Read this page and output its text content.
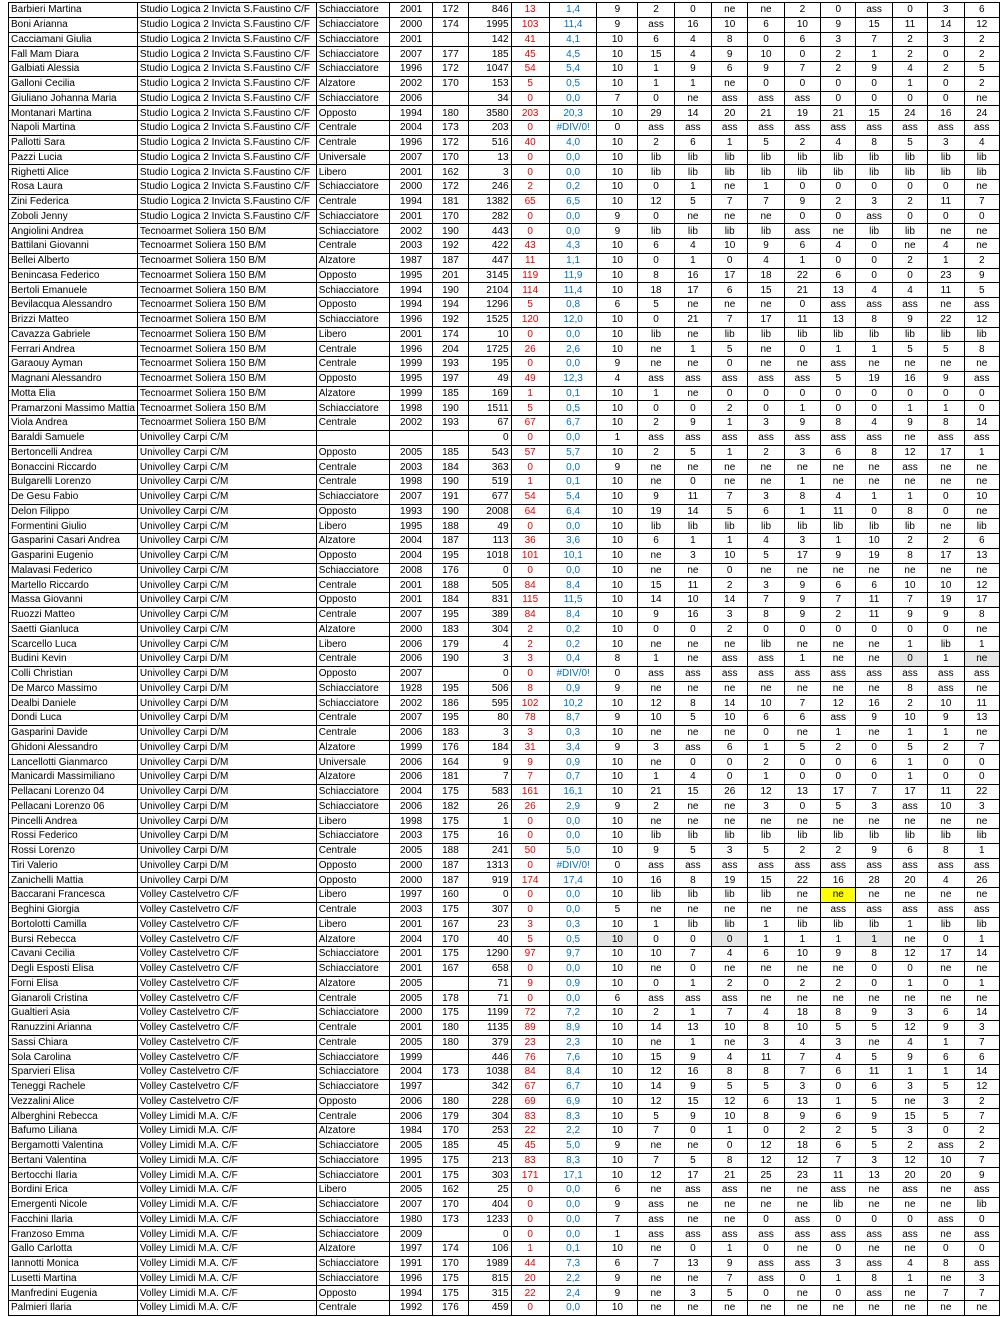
Barbieri Martina	Studio Logica 2 Invicta S.Faustino C/F	Schiacciatore	2001	172	846	13	1,4	9	2	0	ne	ne	2	0	ass	0	3	6
Boni Arianna	Studio Logica 2 Invicta S.Faustino C/F	Schiacciatore	2000	174	1995	103	11,4	9	ass	16	10	6	10	9	15	11	14	12
Cacciamani Giulia	Studio Logica 2 Invicta S.Faustino C/F	Schiacciatore	2001		142	41	4,1	10	6	4	8	0	6	3	7	2	3	2
Fall Mam Diara	Studio Logica 2 Invicta S.Faustino C/F	Schiacciatore	2007	177	185	45	4,5	10	15	4	9	10	0	2	1	2	0	2
Galbiati Alessia	Studio Logica 2 Invicta S.Faustino C/F	Schiacciatore	1996	172	1047	54	5,4	10	1	9	6	9	7	2	9	4	2	5
Galloni Cecilia	Studio Logica 2 Invicta S.Faustino C/F	Alzatore	2002	170	153	5	0,5	10	1	1	ne	0	0	0	0	1	0	2
Giuliano Johanna Maria	Studio Logica 2 Invicta S.Faustino C/F	Schiacciatore	2006		34	0	0,0	7	0	ne	ass	ass	ass	0	0	0	0	ne
Montanari Martina	Studio Logica 2 Invicta S.Faustino C/F	Opposto	1994	180	3580	203	20,3	10	29	14	20	21	19	21	15	24	16	24
Napoli Martina	Studio Logica 2 Invicta S.Faustino C/F	Centrale	2004	173	203	0	#DIV/0!	0	ass	ass	ass	ass	ass	ass	ass	ass	ass	ass
Pallotti Sara	Studio Logica 2 Invicta S.Faustino C/F	Centrale	1996	172	516	40	4,0	10	2	6	1	5	2	4	8	5	3	4
Pazzi Lucia	Studio Logica 2 Invicta S.Faustino C/F	Universale	2007	170	13	0	0,0	10	lib	lib	lib	lib	lib	lib	lib	lib	lib	lib
Righetti Alice	Studio Logica 2 Invicta S.Faustino C/F	Libero	2001	162	3	0	0,0	10	lib	lib	lib	lib	lib	lib	lib	lib	lib	lib
Rosa Laura	Studio Logica 2 Invicta S.Faustino C/F	Schiacciatore	2000	172	246	2	0,2	10	0	1	ne	1	0	0	0	0	0	ne
Zini Federica	Studio Logica 2 Invicta S.Faustino C/F	Centrale	1994	181	1382	65	6,5	10	12	5	7	7	9	2	3	2	11	7
Zoboli Jenny	Studio Logica 2 Invicta S.Faustino C/F	Schiacciatore	2001	170	282	0	0,0	9	0	ne	ne	ne	0	0	ass	0	0	0
Angiolini Andrea	Tecnoarmet Soliera 150 B/M	Schiacciatore	2002	190	443	0	0,0	9	lib	lib	lib	lib	ass	ne	lib	lib	ne	ne
Battilani Giovanni	Tecnoarmet Soliera 150 B/M	Centrale	2003	192	422	43	4,3	10	6	4	10	9	6	4	0	ne	4	ne
Bellei Alberto	Tecnoarmet Soliera 150 B/M	Alzatore	1987	187	447	11	1,1	10	0	1	0	4	1	0	0	2	1	2
Benincasa Federico	Tecnoarmet Soliera 150 B/M	Opposto	1995	201	3145	119	11,9	10	8	16	17	18	22	6	0	0	23	9
Bertoli Emanuele	Tecnoarmet Soliera 150 B/M	Schiacciatore	1994	190	2104	114	11,4	10	18	17	6	15	21	13	4	4	11	5
Bevilacqua Alessandro	Tecnoarmet Soliera 150 B/M	Opposto	1994	194	1296	5	0,8	6	5	ne	ne	ne	0	ass	ass	ass	ne	ass
Brizzi Matteo	Tecnoarmet Soliera 150 B/M	Schiacciatore	1996	192	1525	120	12,0	10	0	21	7	17	11	13	8	9	22	12
Cavazza Gabriele	Tecnoarmet Soliera 150 B/M	Libero	2001	174	10	0	0,0	10	lib	ne	lib	lib	lib	lib	lib	lib	lib	lib
Ferrari Andrea	Tecnoarmet Soliera 150 B/M	Centrale	1996	204	1725	26	2,6	10	ne	1	5	ne	0	1	1	5	5	8
Garaouy Ayman	Tecnoarmet Soliera 150 B/M	Centrale	1999	193	195	0	0,0	9	ne	ne	0	ne	ne	ass	ne	ne	ne	ne
Magnani Alessandro	Tecnoarmet Soliera 150 B/M	Opposto	1995	197	49	49	12,3	4	ass	ass	ass	ass	ass	5	19	16	9	ass
Motta Elia	Tecnoarmet Soliera 150 B/M	Alzatore	1999	185	169	1	0,1	10	1	ne	0	0	0	0	0	0	0	0
Pramarzoni Massimo Mattia	Tecnoarmet Soliera 150 B/M	Schiacciatore	1998	190	1511	5	0,5	10	0	0	2	0	1	0	0	1	1	0
Viola Andrea	Tecnoarmet Soliera 150 B/M	Centrale	2002	193	67	67	6,7	10	2	9	1	3	9	8	4	9	8	14
Baraldi Samuele	Univolley Carpi C/M				0	0	0,0	1	ass	ass	ass	ass	ass	ass	ass	ne	ass	ass
Bertoncelli Andrea	Univolley Carpi C/M	Opposto	2005	185	543	57	5,7	10	2	5	1	2	3	6	8	12	17	1
Bonaccini Riccardo	Univolley Carpi C/M	Centrale	2003	184	363	0	0,0	9	ne	ne	ne	ne	ne	ne	ne	ass	ne	ne
Bulgarelli Lorenzo	Univolley Carpi C/M	Centrale	1998	190	519	1	0,1	10	ne	0	ne	ne	1	ne	ne	ne	ne	ne
De Gesu Fabio	Univolley Carpi C/M	Schiacciatore	2007	191	677	54	5,4	10	9	11	7	3	8	4	1	1	0	10
Delon Filippo	Univolley Carpi C/M	Opposto	1993	190	2008	64	6,4	10	19	14	5	6	1	11	0	8	0	ne
Formentini Giulio	Univolley Carpi C/M	Libero	1995	188	49	0	0,0	10	lib	lib	lib	lib	lib	lib	lib	lib	ne	lib
Gasparini Casari Andrea	Univolley Carpi C/M	Alzatore	2004	187	113	36	3,6	10	6	1	1	4	3	1	10	2	2	6
Gasparini Eugenio	Univolley Carpi C/M	Opposto	2004	195	1018	101	10,1	10	ne	3	10	5	17	9	19	8	17	13
Malavasi Federico	Univolley Carpi C/M	Schiacciatore	2008	176	0	0	0,0	10	ne	ne	0	ne	ne	ne	ne	ne	ne	ne
Martello Riccardo	Univolley Carpi C/M	Centrale	2001	188	505	84	8,4	10	15	11	2	3	9	6	6	10	10	12
Massa Giovanni	Univolley Carpi C/M	Opposto	2001	184	831	115	11,5	10	14	10	14	7	9	7	11	7	19	17
Ruozzi Matteo	Univolley Carpi C/M	Centrale	2007	195	389	84	8,4	10	9	16	3	8	9	2	11	9	9	8
Saetti Gianluca	Univolley Carpi C/M	Alzatore	2000	183	304	2	0,2	10	0	0	2	0	0	0	0	0	0	ne
Scarcello Luca	Univolley Carpi C/M	Libero	2006	179	4	2	0,2	10	ne	ne	ne	lib	ne	ne	ne	1	lib	1
Budini Kevin	Univolley Carpi D/M	Centrale	2006	190	3	3	0,4	8	1	ne	ass	ass	1	ne	ne	0	1	ne
Colli Christian	Univolley Carpi D/M	Opposto	2007		0	0	#DIV/0!	0	ass	ass	ass	ass	ass	ass	ass	ass	ass	ass
De Marco Massimo	Univolley Carpi D/M	Schiacciatore	1928	195	506	8	0,9	9	ne	ne	ne	ne	ne	ne	ne	8	ass	ne
Dealbi Daniele	Univolley Carpi D/M	Schiacciatore	2002	186	595	102	10,2	10	12	8	14	10	7	12	16	2	10	11
Dondi Luca	Univolley Carpi D/M	Centrale	2007	195	80	78	8,7	9	10	5	10	6	6	ass	9	10	9	13
Gasparini Davide	Univolley Carpi D/M	Centrale	2006	183	3	3	0,3	10	ne	ne	ne	0	ne	1	ne	1	1	ne
Ghidoni Alessandro	Univolley Carpi D/M	Alzatore	1999	176	184	31	3,4	9	3	ass	6	1	5	2	0	5	2	7
Lancellotti Gianmarco	Univolley Carpi D/M	Universale	2006	164	9	9	0,9	10	ne	0	0	2	0	0	6	1	0	0
Manicardi Massimiliano	Univolley Carpi D/M	Alzatore	2006	181	7	7	0,7	10	1	4	0	1	0	0	0	1	0	0
Pellacani Lorenzo 04	Univolley Carpi D/M	Schiacciatore	2004	175	583	161	16,1	10	21	15	26	12	13	17	7	17	11	22
Pellacani Lorenzo 06	Univolley Carpi D/M	Schiacciatore	2006	182	26	26	2,9	9	2	ne	ne	3	0	5	3	ass	10	3
Pincelli Andrea	Univolley Carpi D/M	Libero	1998	175	1	0	0,0	10	ne	ne	ne	ne	ne	ne	ne	ne	ne	ne
Rossi Federico	Univolley Carpi D/M	Schiacciatore	2003	175	16	0	0,0	10	lib	lib	lib	lib	lib	lib	lib	lib	lib	lib
Rossi Lorenzo	Univolley Carpi D/M	Centrale	2005	188	241	50	5,0	10	9	5	3	5	2	2	9	6	8	1
Tiri Valerio	Univolley Carpi D/M	Opposto	2000	187	1313	0	#DIV/0!	0	ass	ass	ass	ass	ass	ass	ass	ass	ass	ass
Zanichelli Mattia	Univolley Carpi D/M	Opposto	2000	187	919	174	17,4	10	16	8	19	15	22	16	28	20	4	26
Baccarani Francesca	Volley Castelvetro C/F	Libero	1997	160	0	0	0,0	10	lib	lib	lib	lib	ne	ne	ne	ne	ne	ne
Beghini Giorgia	Volley Castelvetro C/F	Centrale	2003	175	307	0	0,0	5	ne	ne	ne	ne	ne	ass	ass	ass	ass	ass
Bortolotti Camilla	Volley Castelvetro C/F	Libero	2001	167	23	3	0,3	10	1	lib	lib	1	lib	lib	lib	1	lib	lib
Bursi Rebecca	Volley Castelvetro C/F	Alzatore	2004	170	40	5	0,5	10	0	0	0	1	1	1	1	ne	0	1
Cavani Cecilia	Volley Castelvetro C/F	Schiacciatore	2001	175	1290	97	9,7	10	10	7	4	6	10	9	8	12	17	14
Degli Esposti Elisa	Volley Castelvetro C/F	Schiacciatore	2001	167	658	0	0,0	10	ne	0	ne	ne	ne	ne	0	0	ne	ne
Forni Elisa	Volley Castelvetro C/F	Alzatore	2005		71	9	0,9	10	0	1	2	0	2	2	0	1	0	1
Gianaroli Cristina	Volley Castelvetro C/F	Centrale	2005	178	71	0	0,0	6	ass	ass	ass	ne	ne	ne	ne	ne	ne	ne
Gualtieri Asia	Volley Castelvetro C/F	Schiacciatore	2000	175	1199	72	7,2	10	2	1	7	4	18	8	9	3	6	14
Ranuzzini Arianna	Volley Castelvetro C/F	Centrale	2001	180	1135	89	8,9	10	14	13	10	8	10	5	5	12	9	3
Sassi Chiara	Volley Castelvetro C/F	Centrale	2005	180	379	23	2,3	10	ne	1	ne	3	4	3	ne	4	1	7
Sola Carolina	Volley Castelvetro C/F	Schiacciatore	1999		446	76	7,6	10	15	9	4	11	7	4	5	9	6	6
Sparvieri Elisa	Volley Castelvetro C/F	Schiacciatore	2004	173	1038	84	8,4	10	12	16	8	8	7	6	11	1	1	14
Teneggi Rachele	Volley Castelvetro C/F	Schiacciatore	1997		342	67	6,7	10	14	9	5	5	3	0	6	3	5	12
Vezzalini Alice	Volley Castelvetro C/F	Opposto	2006	180	228	69	6,9	10	12	15	12	6	13	1	5	ne	3	2
Alberghini Rebecca	Volley Limidi M.A. C/F	Centrale	2006	179	304	83	8,3	10	5	9	10	8	9	6	9	15	5	7
Bafumo Liliana	Volley Limidi M.A. C/F	Alzatore	1984	170	253	22	2,2	10	7	0	1	0	2	2	5	3	0	2
Bergamotti Valentina	Volley Limidi M.A. C/F	Schiacciatore	2005	185	45	45	5,0	9	ne	ne	0	12	18	6	5	2	ass	2
Bertani Valentina	Volley Limidi M.A. C/F	Schiacciatore	1995	175	213	83	8,3	10	7	5	8	12	12	7	3	12	10	7
Bertocchi Ilaria	Volley Limidi M.A. C/F	Schiacciatore	2001	175	303	171	17,1	10	12	17	21	25	23	11	13	20	20	9
Bordini Erica	Volley Limidi M.A. C/F	Libero	2005	162	25	0	0,0	6	ne	ass	ass	ne	ne	ass	ne	ass	ne	ass
Emergenti Nicole	Volley Limidi M.A. C/F	Schiacciatore	2007	170	404	0	0,0	9	ass	ne	ne	ne	ne	lib	ne	ne	ne	lib
Facchini Ilaria	Volley Limidi M.A. C/F	Schiacciatore	1980	173	1233	0	0,0	7	ass	ne	ne	0	ass	0	0	0	ass	0
Franzoso Emma	Volley Limidi M.A. C/F	Schiacciatore	2009		0	0	0,0	1	ass	ass	ass	ass	ass	ass	ass	ass	ne	ass
Gallo Carlotta	Volley Limidi M.A. C/F	Alzatore	1997	174	106	1	0,1	10	ne	0	1	0	ne	0	ne	ne	0	0
Iannotti Monica	Volley Limidi M.A. C/F	Schiacciatore	1991	170	1989	44	7,3	6	7	13	9	ass	ass	3	ass	4	8	ass
Lusetti Martina	Volley Limidi M.A. C/F	Schiacciatore	1996	175	815	20	2,2	9	ne	ne	7	ass	0	1	8	1	ne	3
Manfredini Eugenia	Volley Limidi M.A. C/F	Opposto	1994	175	315	22	2,4	9	ne	3	5	0	ne	0	ass	ne	7	7
Palmieri Ilaria	Volley Limidi M.A. C/F	Centrale	1992	176	459	0	0,0	10	ne	ne	ne	ne	ne	ne	ne	ne	ne	ne
